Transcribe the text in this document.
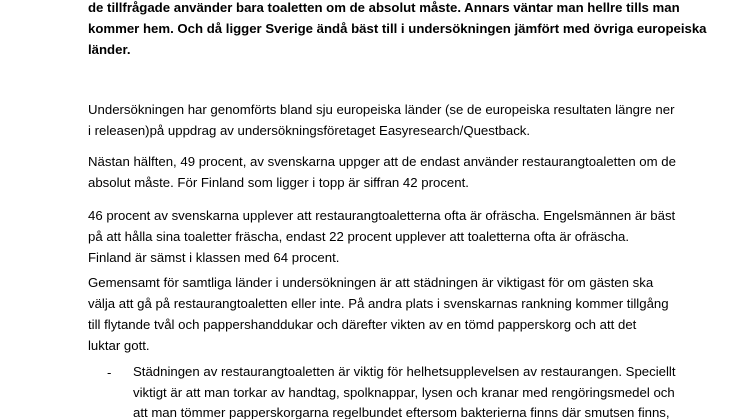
de tillfrågade använder bara toaletten om de absolut måste. Annars väntar man hellre tills man
kommer hem. Och då ligger Sverige ändå bäst till i undersökningen jämfört med övriga europeiska
länder.

Undersökningen har genomförts bland sju europeiska länder (se de europeiska resultaten längre ner
i releasen)på uppdrag av undersökningsföretaget Easyresearch/Questback.

Nästan hälften, 49 procent, av svenskarna uppger att de endast använder restaurangtoaletten om de
absolut måste. För Finland som ligger i topp är siffran 42 procent.

46 procent av svenskarna upplever att restaurangtoaletterna ofta är ofräscha. Engelsmännen är bäst
på att hålla sina toaletter fräscha, endast 22 procent upplever att toaletterna ofta är ofräscha.
Finland är sämst i klassen med 64 procent.

Gemensamt för samtliga länder i undersökningen är att städningen är viktigast för om gästen ska
välja att gå på restaurangtoaletten eller inte. På andra plats i svenskarnas rankning kommer tillgång
till flytande tvål och pappershanddukar och därefter vikten av en tömd papperskorg och att det
luktar gott.

- Städningen av restaurangtoaletten är viktig för helhetsupplevelsen av restaurangen. Speciellt
viktigt är att man torkar av handtag, spolknappar, lysen och kranar med rengöringsmedel och
att man tömmer papperskorgarna regelbundet eftersom bakterierna finns där smutsen finns,
